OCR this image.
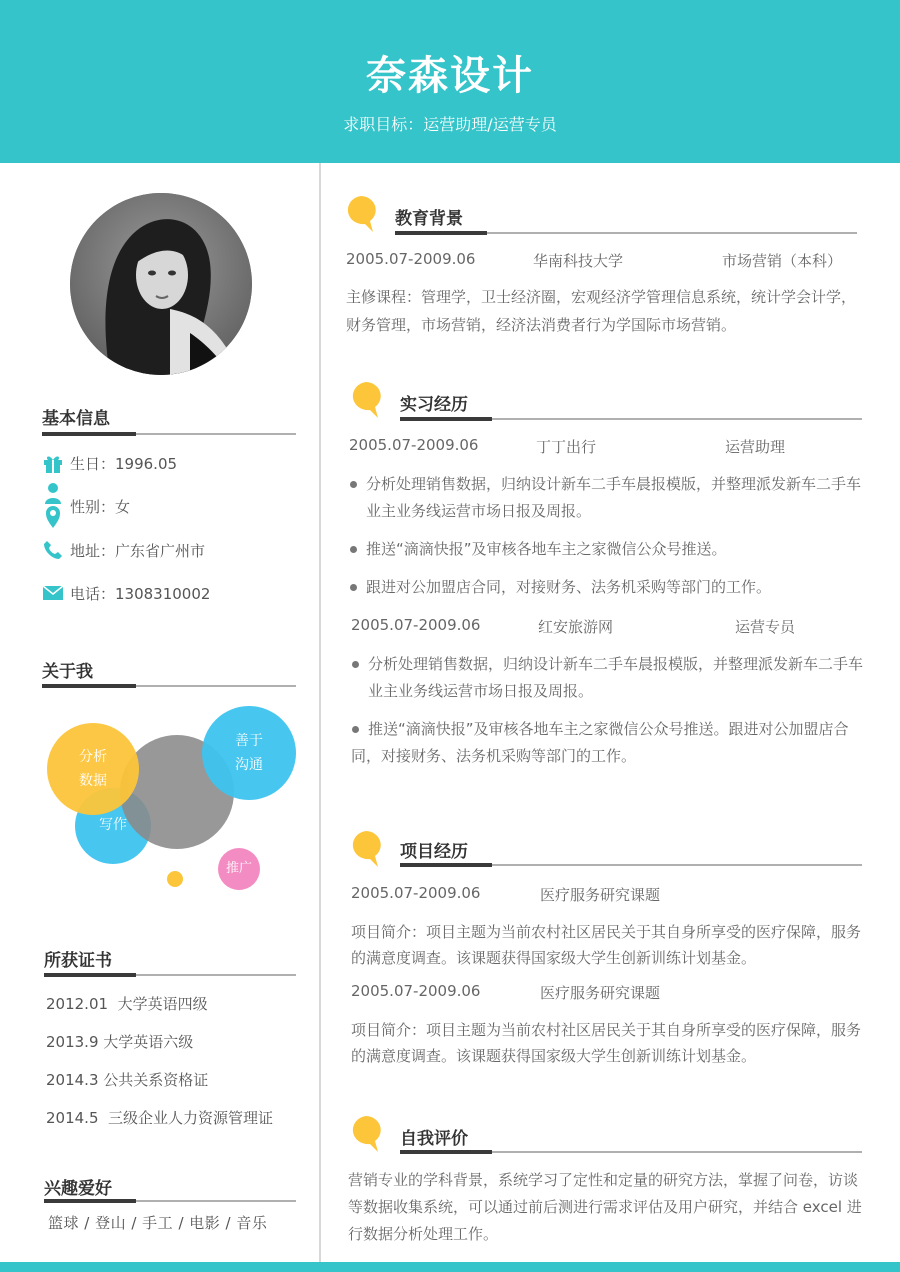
奈森设计
求职目标：运营助理/运营专员
基本信息
生日：1996.05
性别：女
地址：广东省广州市
电话：1308310002
关于我
写作
分析
数据
善于
沟通
推广
所获证书
2012.01  大学英语四级
2013.9 大学英语六级
2014.3 公共关系资格证
2014.5  三级企业人力资源管理证
兴趣爱好
篮球 / 登山 / 手工 / 电影 / 音乐
教育背景
2005.07-2009.06	华南科技大学	市场营销（本科）
主修课程：管理学，卫士经济圈，宏观经济学管理信息系统，统计学会计学，
财务管理，市场营销，经济法消费者行为学国际市场营销。
实习经历
2005.07-2009.06	丁丁出行	运营助理
分析处理销售数据，归纳设计新车二手车晨报模版，并整理派发新车二手车
业主业务线运营市场日报及周报。
推送“滴滴快报”及审核各地车主之家微信公众号推送。
跟进对公加盟店合同，对接财务、法务机采购等部门的工作。
2005.07-2009.06	红安旅游网	运营专员
分析处理销售数据，归纳设计新车二手车晨报模版，并整理派发新车二手车
业主业务线运营市场日报及周报。
推送“滴滴快报”及审核各地车主之家微信公众号推送。跟进对公加盟店合
同，对接财务、法务机采购等部门的工作。
项目经历
2005.07-2009.06	医疗服务研究课题
项目简介：项目主题为当前农村社区居民关于其自身所享受的医疗保障，服务
的满意度调查。该课题获得国家级大学生创新训练计划基金。
2005.07-2009.06	医疗服务研究课题
项目简介：项目主题为当前农村社区居民关于其自身所享受的医疗保障，服务
的满意度调查。该课题获得国家级大学生创新训练计划基金。
自我评价
营销专业的学科背景，系统学习了定性和定量的研究方法，掌握了问卷，访谈
等数据收集系统，可以通过前后测进行需求评估及用户研究，并结合 excel 进
行数据分析处理工作。
